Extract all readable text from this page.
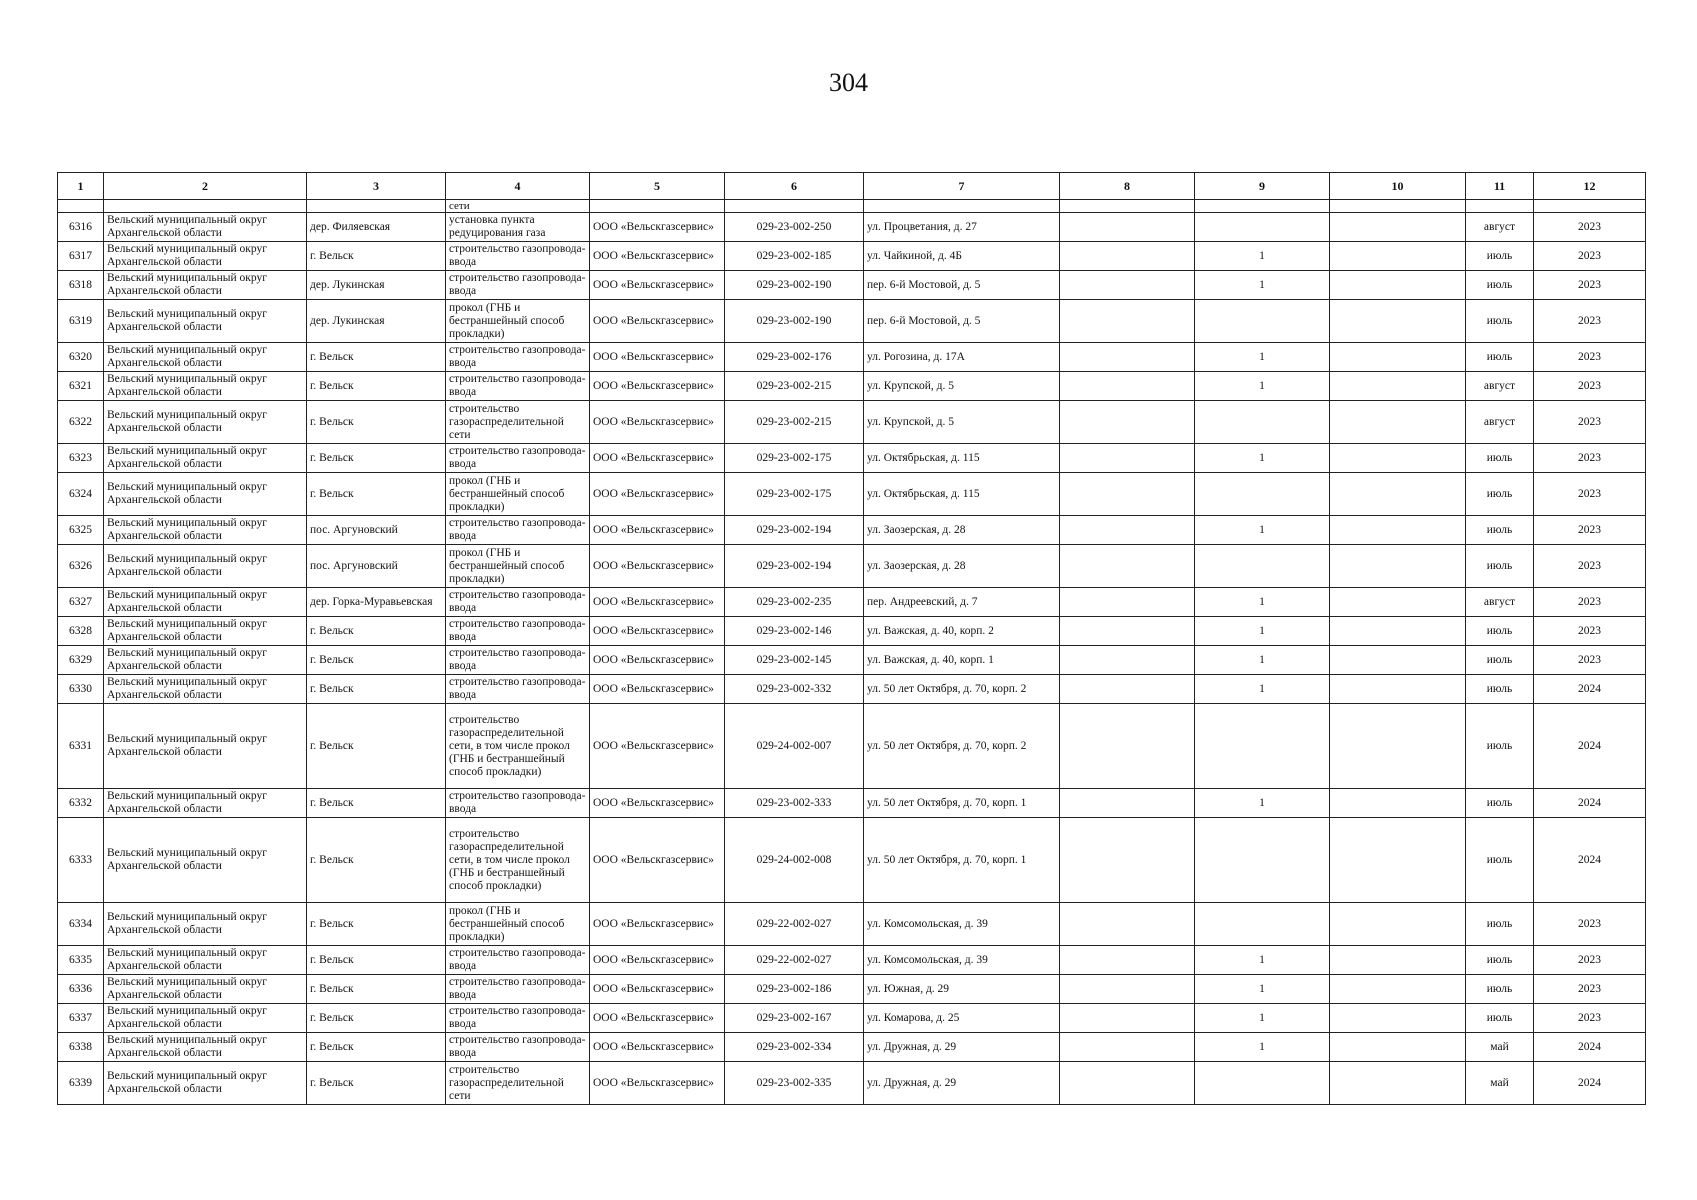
304
1	2	3	4	5	6	7	8	9	10	11	12
			сети								
6316	Вельский муниципальный округ Архангельской области	дер. Филяевская	установка пункта редуцирования газа	ООО «Вельскгазсервис»	029-23-002-250	ул. Процветания, д. 27				август	2023
6317	Вельский муниципальный округ Архангельской области	г. Вельск	строительство газопровода-ввода	ООО «Вельскгазсервис»	029-23-002-185	ул. Чайкиной, д. 4Б		1		июль	2023
6318	Вельский муниципальный округ Архангельской области	дер. Лукинская	строительство газопровода-ввода	ООО «Вельскгазсервис»	029-23-002-190	пер. 6-й Мостовой, д. 5		1		июль	2023
6319	Вельский муниципальный округ Архангельской области	дер. Лукинская	прокол (ГНБ и бестраншейный способ прокладки)	ООО «Вельскгазсервис»	029-23-002-190	пер. 6-й Мостовой, д. 5				июль	2023
6320	Вельский муниципальный округ Архангельской области	г. Вельск	строительство газопровода-ввода	ООО «Вельскгазсервис»	029-23-002-176	ул. Рогозина, д. 17А		1		июль	2023
6321	Вельский муниципальный округ Архангельской области	г. Вельск	строительство газопровода-ввода	ООО «Вельскгазсервис»	029-23-002-215	ул. Крупской, д. 5		1		август	2023
6322	Вельский муниципальный округ Архангельской области	г. Вельск	строительство газораспределительной сети	ООО «Вельскгазсервис»	029-23-002-215	ул. Крупской, д. 5				август	2023
6323	Вельский муниципальный округ Архангельской области	г. Вельск	строительство газопровода-ввода	ООО «Вельскгазсервис»	029-23-002-175	ул. Октябрьская, д. 115		1		июль	2023
6324	Вельский муниципальный округ Архангельской области	г. Вельск	прокол (ГНБ и бестраншейный способ прокладки)	ООО «Вельскгазсервис»	029-23-002-175	ул. Октябрьская, д. 115				июль	2023
6325	Вельский муниципальный округ Архангельской области	пос. Аргуновский	строительство газопровода-ввода	ООО «Вельскгазсервис»	029-23-002-194	ул. Заозерская, д. 28		1		июль	2023
6326	Вельский муниципальный округ Архангельской области	пос. Аргуновский	прокол (ГНБ и бестраншейный способ прокладки)	ООО «Вельскгазсервис»	029-23-002-194	ул. Заозерская, д. 28				июль	2023
6327	Вельский муниципальный округ Архангельской области	дер. Горка-Муравьевская	строительство газопровода-ввода	ООО «Вельскгазсервис»	029-23-002-235	пер. Андреевский, д. 7		1		август	2023
6328	Вельский муниципальный округ Архангельской области	г. Вельск	строительство газопровода-ввода	ООО «Вельскгазсервис»	029-23-002-146	ул. Важская, д. 40, корп. 2		1		июль	2023
6329	Вельский муниципальный округ Архангельской области	г. Вельск	строительство газопровода-ввода	ООО «Вельскгазсервис»	029-23-002-145	ул. Важская, д. 40, корп. 1		1		июль	2023
6330	Вельский муниципальный округ Архангельской области	г. Вельск	строительство газопровода-ввода	ООО «Вельскгазсервис»	029-23-002-332	ул. 50 лет Октября, д. 70, корп. 2		1		июль	2024
6331	Вельский муниципальный округ Архангельской области	г. Вельск	строительство газораспределительной сети, в том числе прокол (ГНБ и бестраншейный способ прокладки)	ООО «Вельскгазсервис»	029-24-002-007	ул. 50 лет Октября, д. 70, корп. 2				июль	2024
6332	Вельский муниципальный округ Архангельской области	г. Вельск	строительство газопровода-ввода	ООО «Вельскгазсервис»	029-23-002-333	ул. 50 лет Октября, д. 70, корп. 1		1		июль	2024
6333	Вельский муниципальный округ Архангельской области	г. Вельск	строительство газораспределительной сети, в том числе прокол (ГНБ и бестраншейный способ прокладки)	ООО «Вельскгазсервис»	029-24-002-008	ул. 50 лет Октября, д. 70, корп. 1				июль	2024
6334	Вельский муниципальный округ Архангельской области	г. Вельск	прокол (ГНБ и бестраншейный способ прокладки)	ООО «Вельскгазсервис»	029-22-002-027	ул. Комсомольская, д. 39				июль	2023
6335	Вельский муниципальный округ Архангельской области	г. Вельск	строительство газопровода-ввода	ООО «Вельскгазсервис»	029-22-002-027	ул. Комсомольская, д. 39		1		июль	2023
6336	Вельский муниципальный округ Архангельской области	г. Вельск	строительство газопровода-ввода	ООО «Вельскгазсервис»	029-23-002-186	ул. Южная, д. 29		1		июль	2023
6337	Вельский муниципальный округ Архангельской области	г. Вельск	строительство газопровода-ввода	ООО «Вельскгазсервис»	029-23-002-167	ул. Комарова, д. 25		1		июль	2023
6338	Вельский муниципальный округ Архангельской области	г. Вельск	строительство газопровода-ввода	ООО «Вельскгазсервис»	029-23-002-334	ул. Дружная, д. 29		1		май	2024
6339	Вельский муниципальный округ Архангельской области	г. Вельск	строительство газораспределительной сети	ООО «Вельскгазсервис»	029-23-002-335	ул. Дружная, д. 29				май	2024
